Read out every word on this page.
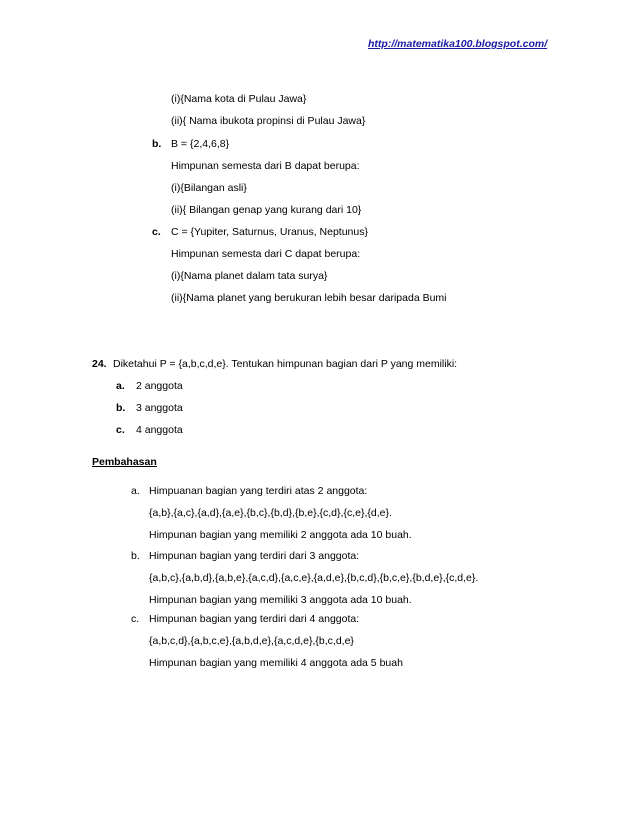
http://matematika100.blogspot.com/
(i){Nama kota di Pulau Jawa}
(ii){ Nama ibukota propinsi di Pulau Jawa}
b. B = {2,4,6,8}
Himpunan semesta dari B dapat berupa:
(i){Bilangan asli}
(ii){ Bilangan genap yang kurang dari 10}
c. C = {Yupiter, Saturnus, Uranus, Neptunus}
Himpunan semesta dari C dapat berupa:
(i){Nama planet dalam tata surya}
(ii){Nama planet yang berukuran lebih besar daripada Bumi
24. Diketahui P = {a,b,c,d,e}. Tentukan himpunan bagian dari P yang memiliki:
a. 2 anggota
b. 3 anggota
c. 4 anggota
Pembahasan
a. Himpuanan bagian yang terdiri atas 2 anggota:
{a,b},{a,c},{a,d},{a,e},{b,c},{b,d},{b,e},{c,d},{c,e},{d,e}.
Himpunan bagian yang memiliki 2 anggota ada 10 buah.
b. Himpunan bagian yang terdiri dari 3 anggota:
{a,b,c},{a,b,d},{a,b,e},{a,c,d},{a,c,e},{a,d,e},{b,c,d},{b,c,e},{b,d,e},{c,d,e}.
Himpunan bagian yang memiliki 3 anggota ada 10 buah.
c. Himpunan bagian yang terdiri dari 4 anggota:
{a,b,c,d},{a,b,c,e},{a,b,d,e},{a,c,d,e},{b,c,d,e}
Himpunan bagian yang memiliki 4 anggota ada 5 buah
